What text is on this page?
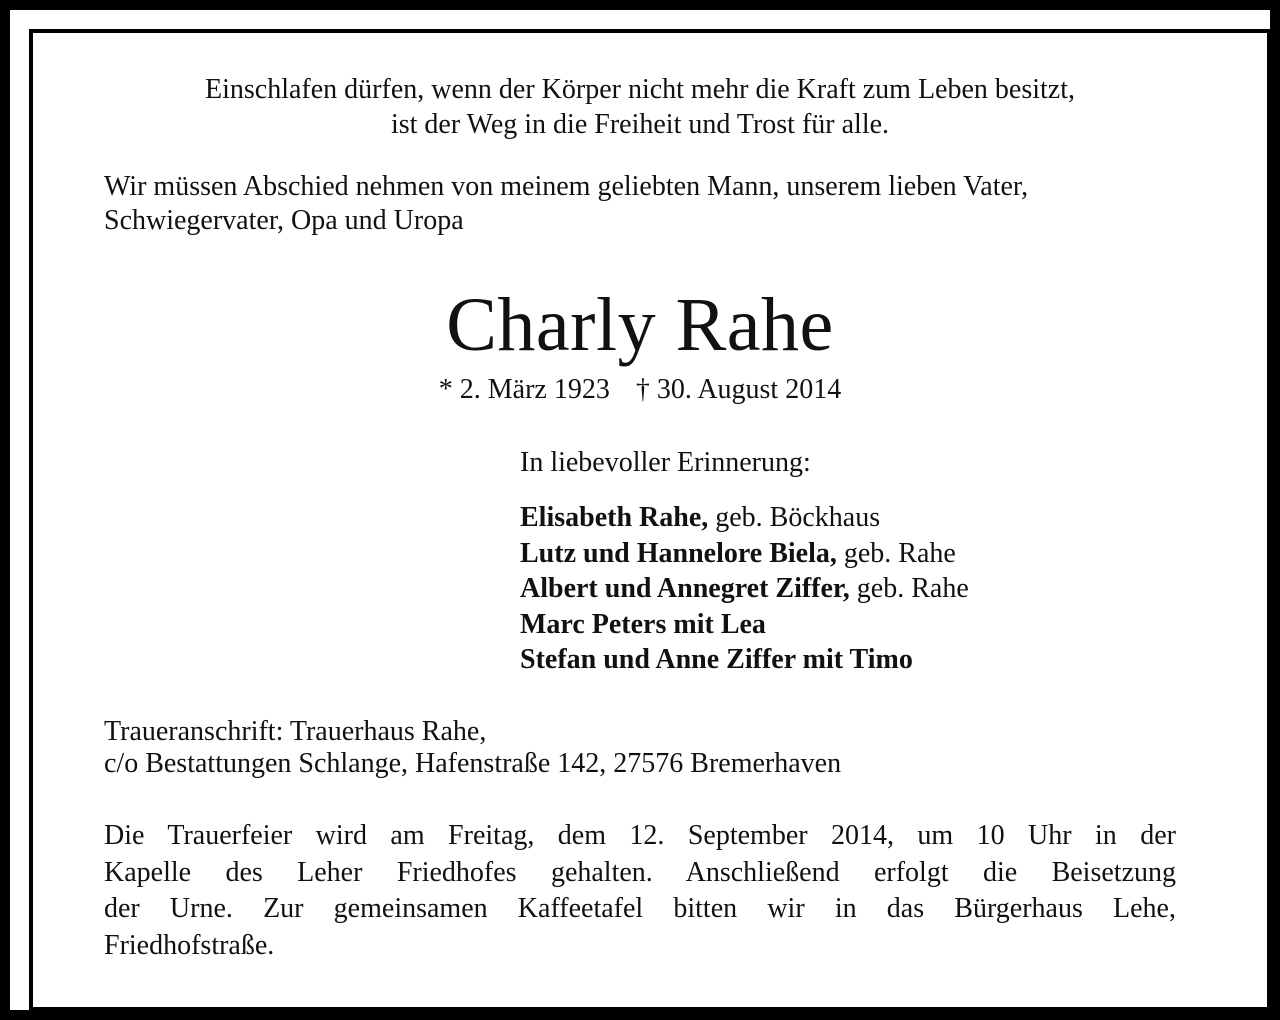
Einschlafen dürfen, wenn der Körper nicht mehr die Kraft zum Leben besitzt,
ist der Weg in die Freiheit und Trost für alle.
Wir müssen Abschied nehmen von meinem geliebten Mann, unserem lieben Vater,
Schwiegervater, Opa und Uropa
Charly Rahe
* 2. März 1923 † 30. August 2014
In liebevoller Erinnerung:
Elisabeth Rahe, geb. Böckhaus
Lutz und Hannelore Biela, geb. Rahe
Albert und Annegret Ziffer, geb. Rahe
Marc Peters mit Lea
Stefan und Anne Ziffer mit Timo
Traueranschrift: Trauerhaus Rahe,
c/o Bestattungen Schlange, Hafenstraße 142, 27576 Bremerhaven
Die Trauerfeier wird am Freitag, dem 12. September 2014, um 10 Uhr in der
Kapelle des Leher Friedhofes gehalten. Anschließend erfolgt die Beisetzung
der Urne. Zur gemeinsamen Kaffeetafel bitten wir in das Bürgerhaus Lehe,
Friedhofstraße.
